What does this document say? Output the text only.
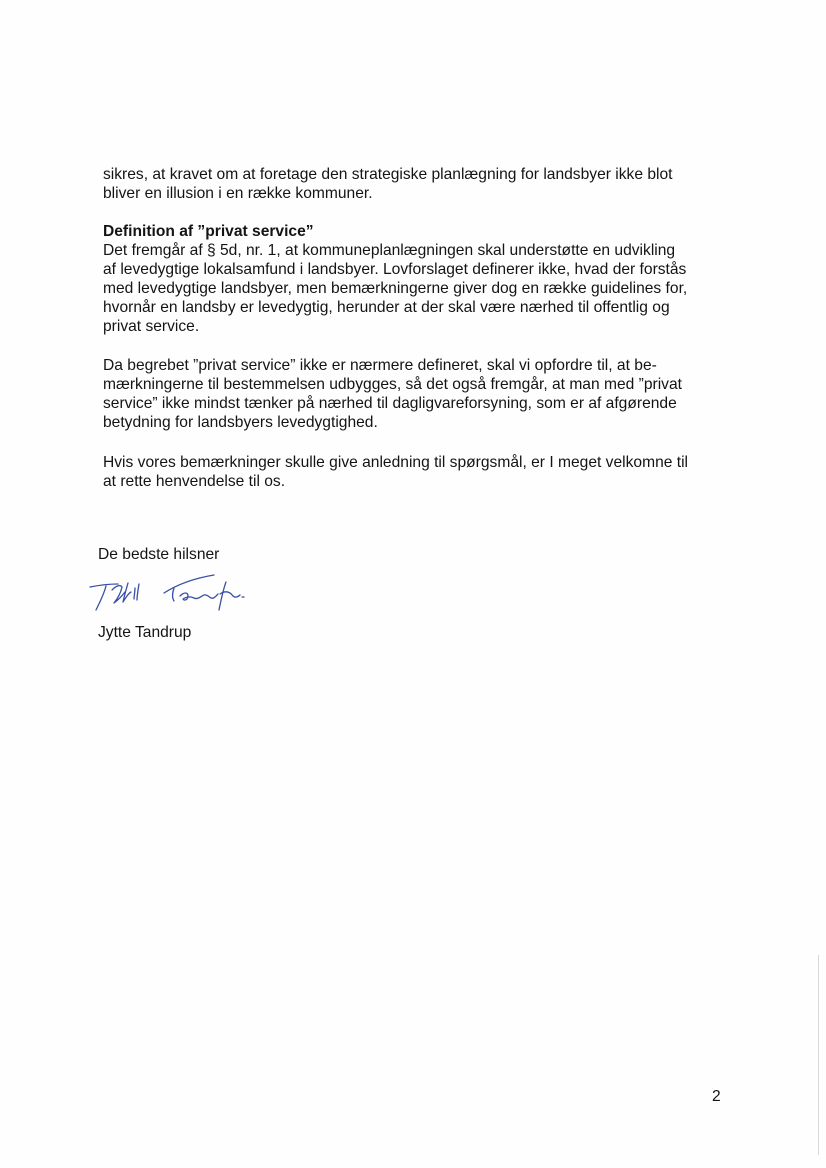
sikres, at kravet om at foretage den strategiske planlægning for landsbyer ikke blot
bliver en illusion i en række kommuner.

Definition af ”privat service”
Det fremgår af § 5d, nr. 1, at kommuneplanlægningen skal understøtte en udvikling
af levedygtige lokalsamfund i landsbyer. Lovforslaget definerer ikke, hvad der forstås
med levedygtige landsbyer, men bemærkningerne giver dog en række guidelines for,
hvornår en landsby er levedygtig, herunder at der skal være nærhed til offentlig og
privat service.

Da begrebet ”privat service” ikke er nærmere defineret, skal vi opfordre til, at be-
mærkningerne til bestemmelsen udbygges, så det også fremgår, at man med ”privat
service” ikke mindst tænker på nærhed til dagligvareforsyning, som er af afgørende
betydning for landsbyers levedygtighed.

Hvis vores bemærkninger skulle give anledning til spørgsmål, er I meget velkomne til
at rette henvendelse til os.

De bedste hilsner
Jytte Tandrup
2
